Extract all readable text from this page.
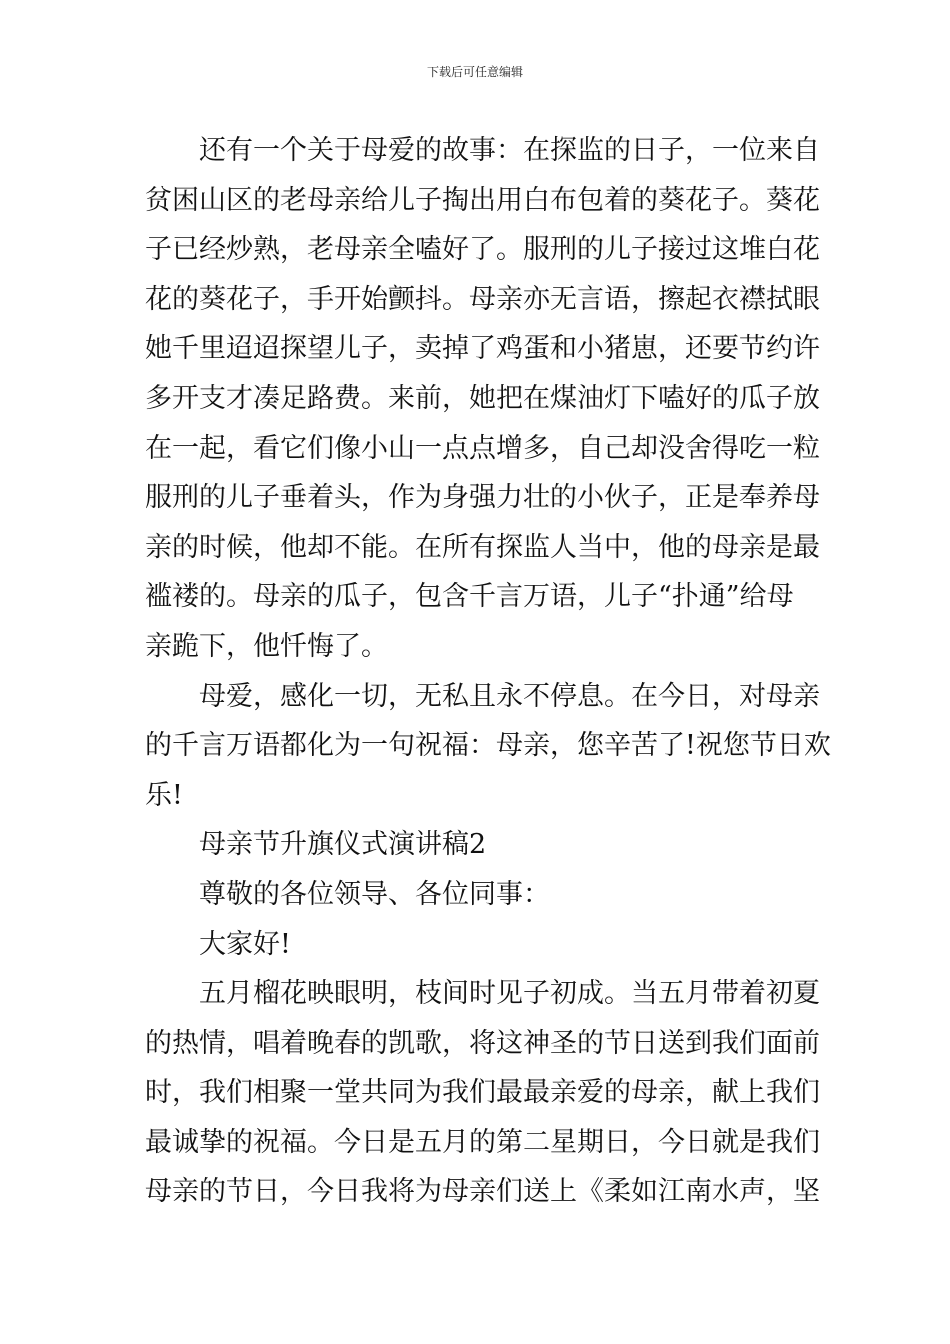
下载后可任意编辑
还有一个关于母爱的故事：在探监的日子，一位来自
贫困山区的老母亲给儿子掏出用白布包着的葵花子。葵花
子已经炒熟，老母亲全嗑好了。服刑的儿子接过这堆白花
花的葵花子，手开始颤抖。母亲亦无言语，擦起衣襟拭眼
她千里迢迢探望儿子，卖掉了鸡蛋和小猪崽，还要节约许
多开支才凑足路费。来前，她把在煤油灯下嗑好的瓜子放
在一起，看它们像小山一点点增多，自己却没舍得吃一粒
服刑的儿子垂着头，作为身强力壮的小伙子，正是奉养母
亲的时候，他却不能。在所有探监人当中，他的母亲是最
褴褛的。母亲的瓜子，包含千言万语，儿子“扑通”给母
亲跪下，他忏悔了。
母爱，感化一切，无私且永不停息。在今日，对母亲
的千言万语都化为一句祝福：母亲，您辛苦了!祝您节日欢
乐!
母亲节升旗仪式演讲稿2
尊敬的各位领导、各位同事：
大家好!
五月榴花映眼明，枝间时见子初成。当五月带着初夏
的热情，唱着晚春的凯歌，将这神圣的节日送到我们面前
时，我们相聚一堂共同为我们最最亲爱的母亲，献上我们
最诚挚的祝福。今日是五月的第二星期日，今日就是我们
母亲的节日，今日我将为母亲们送上《柔如江南水声，坚
